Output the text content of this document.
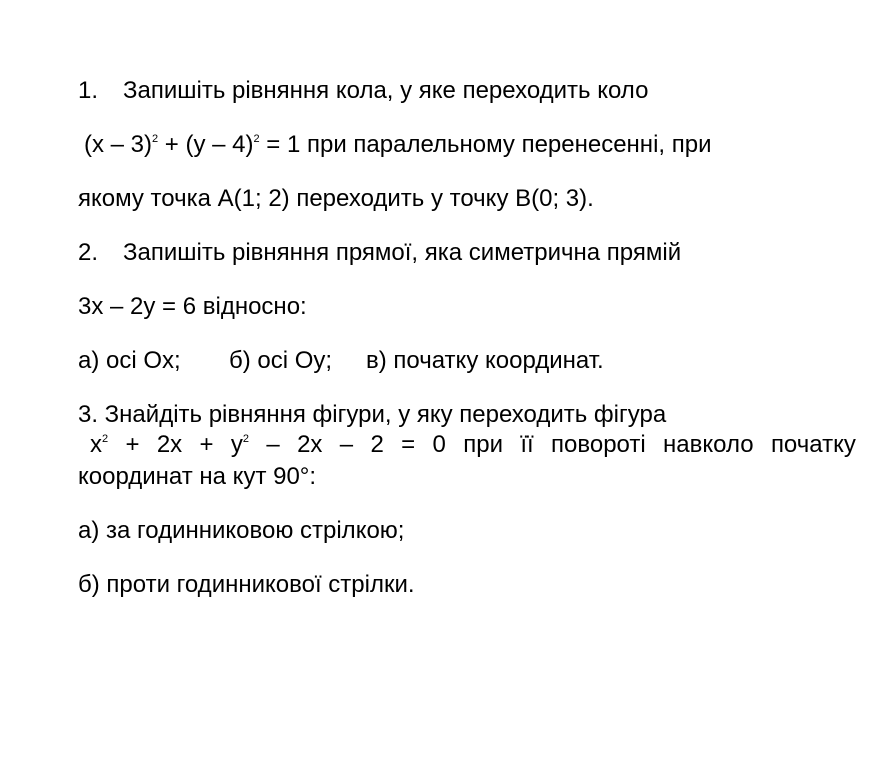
1. Запишіть рівняння кола, у яке переходить коло
(x – 3)$^2$ + (y – 4)$^2$ = 1 при паралельному перенесенні, при
якому точка A(1; 2) переходить у точку B(0; 3).
2. Запишіть рівняння прямої, яка симетрична прямій
3x – 2y = 6 відносно:
а) осі Ox; б) осі Oy; в) початку координат.
3. Знайдіть рівняння фігури, у яку переходить фігура
$x^2 + 2x + y^2 - 2x - 2 = 0$ при її повороті навколо початку
координат на кут 90°:
а) за годинниковою стрілкою;
б) проти годинникової стрілки.
